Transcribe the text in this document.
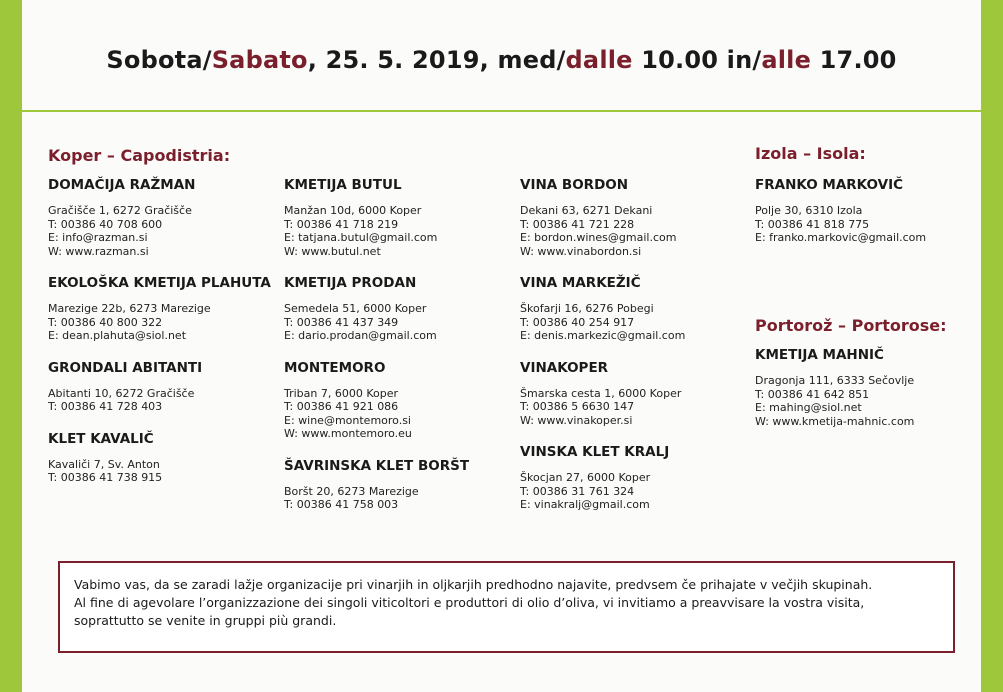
Sobota/Sabato, 25. 5. 2019, med/dalle 10.00 in/alle 17.00
Koper – Capodistria:	Izola – Isola:
Portorož – Portorose:
DOMAČIJA RAŽMAN
Gračišče 1, 6272 Gračišče
T: 00386 40 708 600
E: info@razman.si
W: www.razman.si
EKOLOŠKA KMETIJA PLAHUTA
Marezige 22b, 6273 Marezige
T: 00386 40 800 322
E: dean.plahuta@siol.net
GRONDALI ABITANTI
Abitanti 10, 6272 Gračišče
T: 00386 41 728 403
KLET KAVALIČ
Kavaliči 7, Sv. Anton
T: 00386 41 738 915
KMETIJA BUTUL
Manžan 10d, 6000 Koper
T: 00386 41 718 219
E: tatjana.butul@gmail.com
W: www.butul.net
KMETIJA PRODAN
Semedela 51, 6000 Koper
T: 00386 41 437 349
E: dario.prodan@gmail.com
MONTEMORO
Triban 7, 6000 Koper
T: 00386 41 921 086
E: wine@montemoro.si
W: www.montemoro.eu
ŠAVRINSKA KLET BORŠT
Boršt 20, 6273 Marezige
T: 00386 41 758 003
VINA BORDON
Dekani 63, 6271 Dekani
T: 00386 41 721 228
E: bordon.wines@gmail.com
W: www.vinabordon.si
VINA MARKEŽIČ
Škofarji 16, 6276 Pobegi
T: 00386 40 254 917
E: denis.markezic@gmail.com
VINAKOPER
Šmarska cesta 1, 6000 Koper
T: 00386 5 6630 147
W: www.vinakoper.si
VINSKA KLET KRALJ
Škocjan 27, 6000 Koper
T: 00386 31 761 324
E: vinakralj@gmail.com
FRANKO MARKOVIČ
Polje 30, 6310 Izola
T: 00386 41 818 775
E: franko.markovic@gmail.com
KMETIJA MAHNIČ
Dragonja 111, 6333 Sečovlje
T: 00386 41 642 851
E: mahing@siol.net
W: www.kmetija-mahnic.com

Vabimo vas, da se zaradi lažje organizacije pri vinarjih in oljkarjih predhodno najavite, predvsem če prihajate v večjih skupinah.

Al fine di agevolare l’organizzazione dei singoli viticoltori e produttori di olio d’oliva, vi invitiamo a preavvisare la vostra visita,

soprattutto se venite in gruppi più grandi.
